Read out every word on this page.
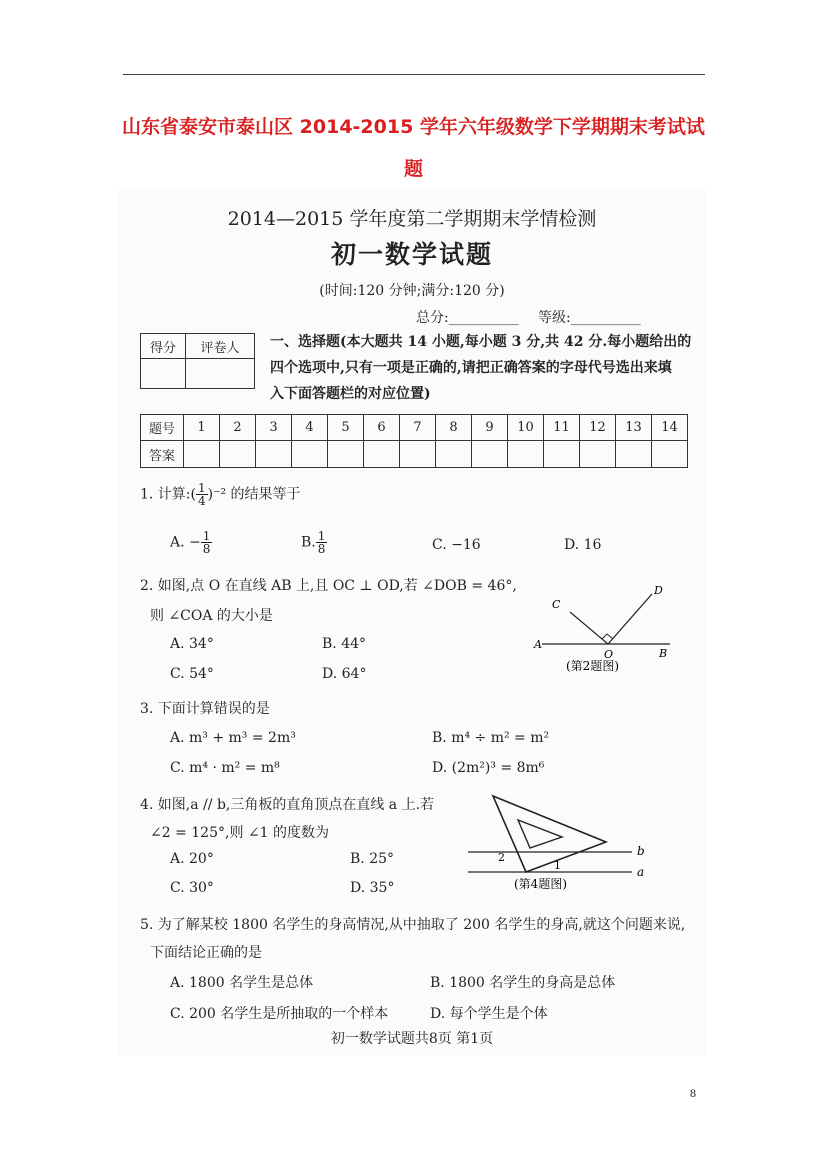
山东省泰安市泰山区 2014-2015 学年六年级数学下学期期末考试试
题
2014—2015 学年度第二学期期末学情检测
初一数学试题
(时间:120 分钟;满分:120 分)
总分:__________ 等级:__________
得分	评卷人
	一、选择题(本大题共 14 小题,每小题 3 分,共 42 分.每小题给出的
四个选项中,只有一项是正确的,请把正确答案的字母代号选出来填
入下面答题栏的对应位置)
题号	1	2	3	4	5	6	7	8	9	10	11	12	13	14
答案														
1. 计算:( $\frac{1}{4} )^{-2}$ 的结果等于
A. − $\frac{1}{8}$	B. $\frac{1}{8}$	C. −16	D. 16
2. 如图,点 O 在直线 AB 上,且 OC ⊥ OD,若 ∠DOB = 46°,
则 ∠COA 的大小是
A. 34°	B. 44°
C. 54°	D. 64°
A
B
C
D
O
(第2题图)
3. 下面计算错误的是
A. m³ + m³ = 2m³	B. m⁴ ÷ m² = m²
C. m⁴ · m² = m⁸	D. (2m²)³ = 8m⁶
4. 如图,a // b,三角板的直角顶点在直线 a 上.若
∠2 = 125°,则 ∠1 的度数为
A. 20°	B. 25°
C. 30°	D. 35°
b
a
2
1
(第4题图)
5. 为了解某校 1800 名学生的身高情况,从中抽取了 200 名学生的身高,就这个问题来说,
下面结论正确的是
A. 1800 名学生是总体	B. 1800 名学生的身高是总体
C. 200 名学生是所抽取的一个样本	D. 每个学生是个体
初一数学试题共8页 第1页
8
